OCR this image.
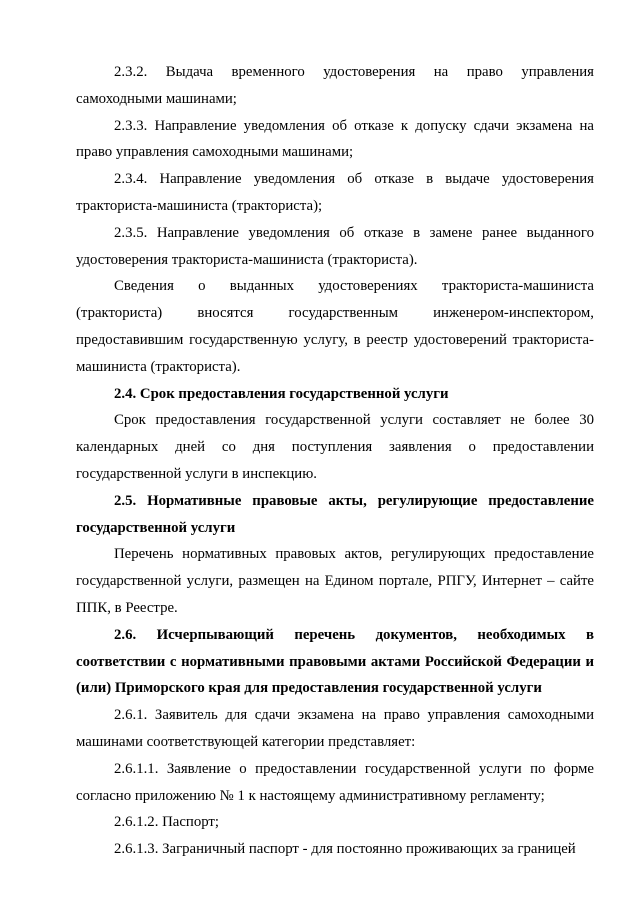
2.3.2. Выдача временного удостоверения на право управления самоходными машинами;

2.3.3. Направление уведомления об отказе к допуску сдачи экзамена на право управления самоходными машинами;

2.3.4. Направление уведомления об отказе в выдаче удостоверения тракториста-машиниста (тракториста);

2.3.5. Направление уведомления об отказе в замене ранее выданного удостоверения тракториста-машиниста (тракториста).

Сведения о выданных удостоверениях тракториста-машиниста (тракториста) вносятся государственным инженером-инспектором, предоставившим государственную услугу, в реестр удостоверений тракториста-машиниста (тракториста).

2.4. Срок предоставления государственной услуги

Срок предоставления государственной услуги составляет не более 30 календарных дней со дня поступления заявления о предоставлении государственной услуги в инспекцию.

2.5. Нормативные правовые акты, регулирующие предоставление государственной услуги

Перечень нормативных правовых актов, регулирующих предоставление государственной услуги, размещен на Едином портале, РПГУ, Интернет – сайте ППК, в Реестре.

2.6. Исчерпывающий перечень документов, необходимых в соответствии с нормативными правовыми актами Российской Федерации и (или) Приморского края для предоставления государственной услуги

2.6.1. Заявитель для сдачи экзамена на право управления самоходными машинами соответствующей категории представляет:

2.6.1.1. Заявление о предоставлении государственной услуги по форме согласно приложению № 1 к настоящему административному регламенту;

2.6.1.2. Паспорт;

2.6.1.3. Заграничный паспорт - для постоянно проживающих за границей
